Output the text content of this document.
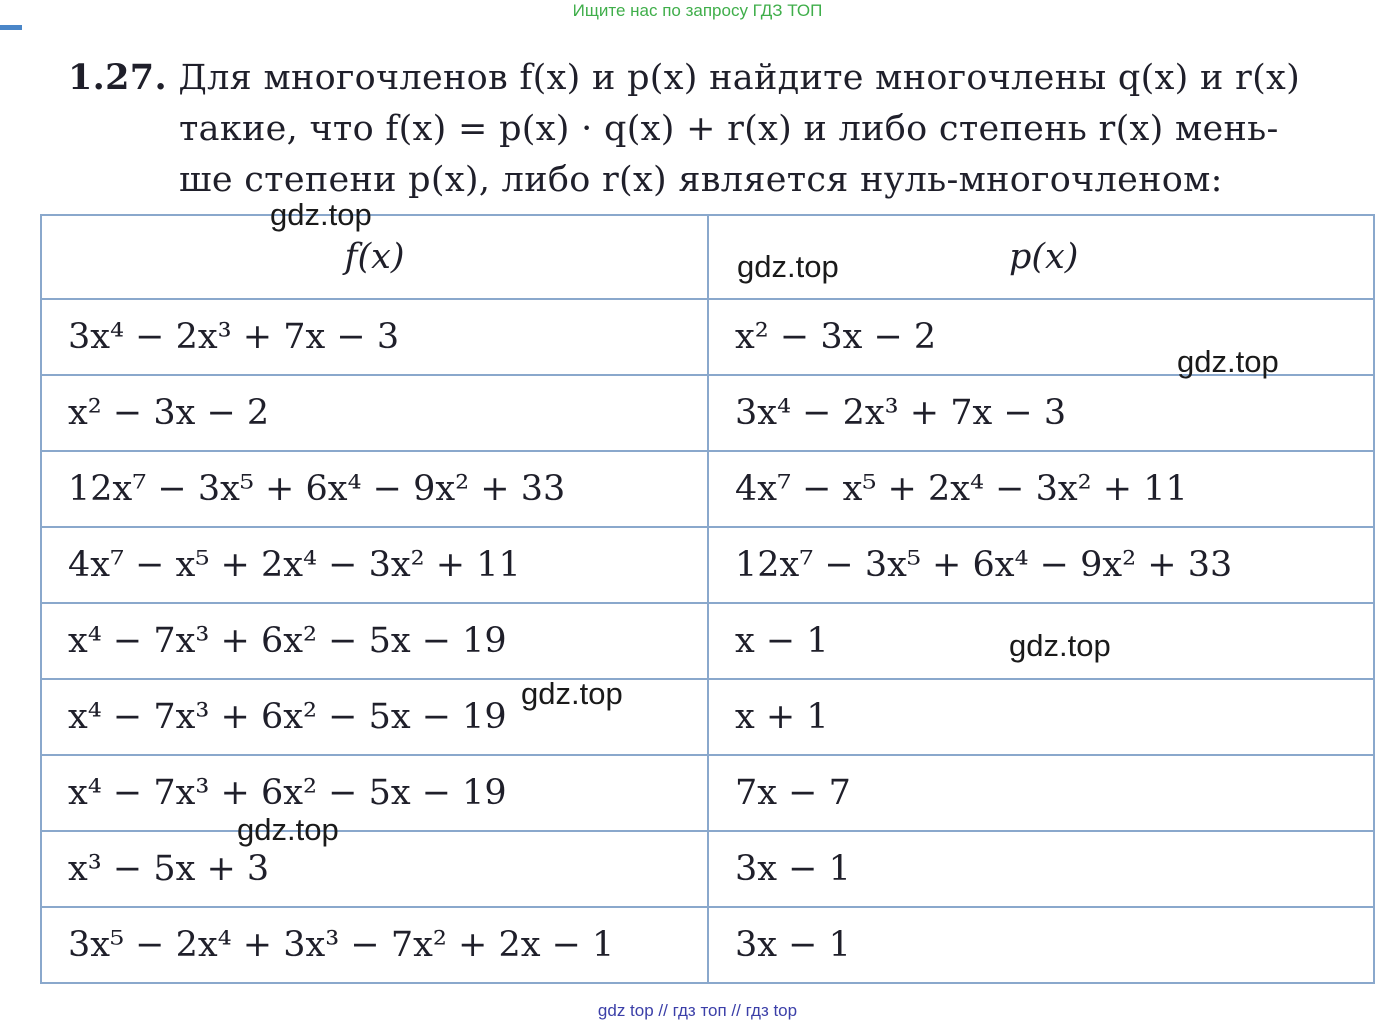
Ищите нас по запросу ГДЗ ТОП
1.27. Для многочленов f(x) и p(x) найдите многочлены q(x) и r(x)
такие, что f(x) = p(x) · q(x) + r(x) и либо степень r(x) мень-
ше степени p(x), либо r(x) является нуль-многочленом:
f(x)	p(x)
3x⁴ − 2x³ + 7x − 3	x² − 3x − 2
x² − 3x − 2	3x⁴ − 2x³ + 7x − 3
12x⁷ − 3x⁵ + 6x⁴ − 9x² + 33	4x⁷ − x⁵ + 2x⁴ − 3x² + 11
4x⁷ − x⁵ + 2x⁴ − 3x² + 11	12x⁷ − 3x⁵ + 6x⁴ − 9x² + 33
x⁴ − 7x³ + 6x² − 5x − 19	x − 1
x⁴ − 7x³ + 6x² − 5x − 19	x + 1
x⁴ − 7x³ + 6x² − 5x − 19	7x − 7
x³ − 5x + 3	3x − 1
3x⁵ − 2x⁴ + 3x³ − 7x² + 2x − 1	3x − 1
gdz.top
gdz.top
gdz.top
gdz.top
gdz.top
gdz.top
gdz top // гдз топ // гдз top
